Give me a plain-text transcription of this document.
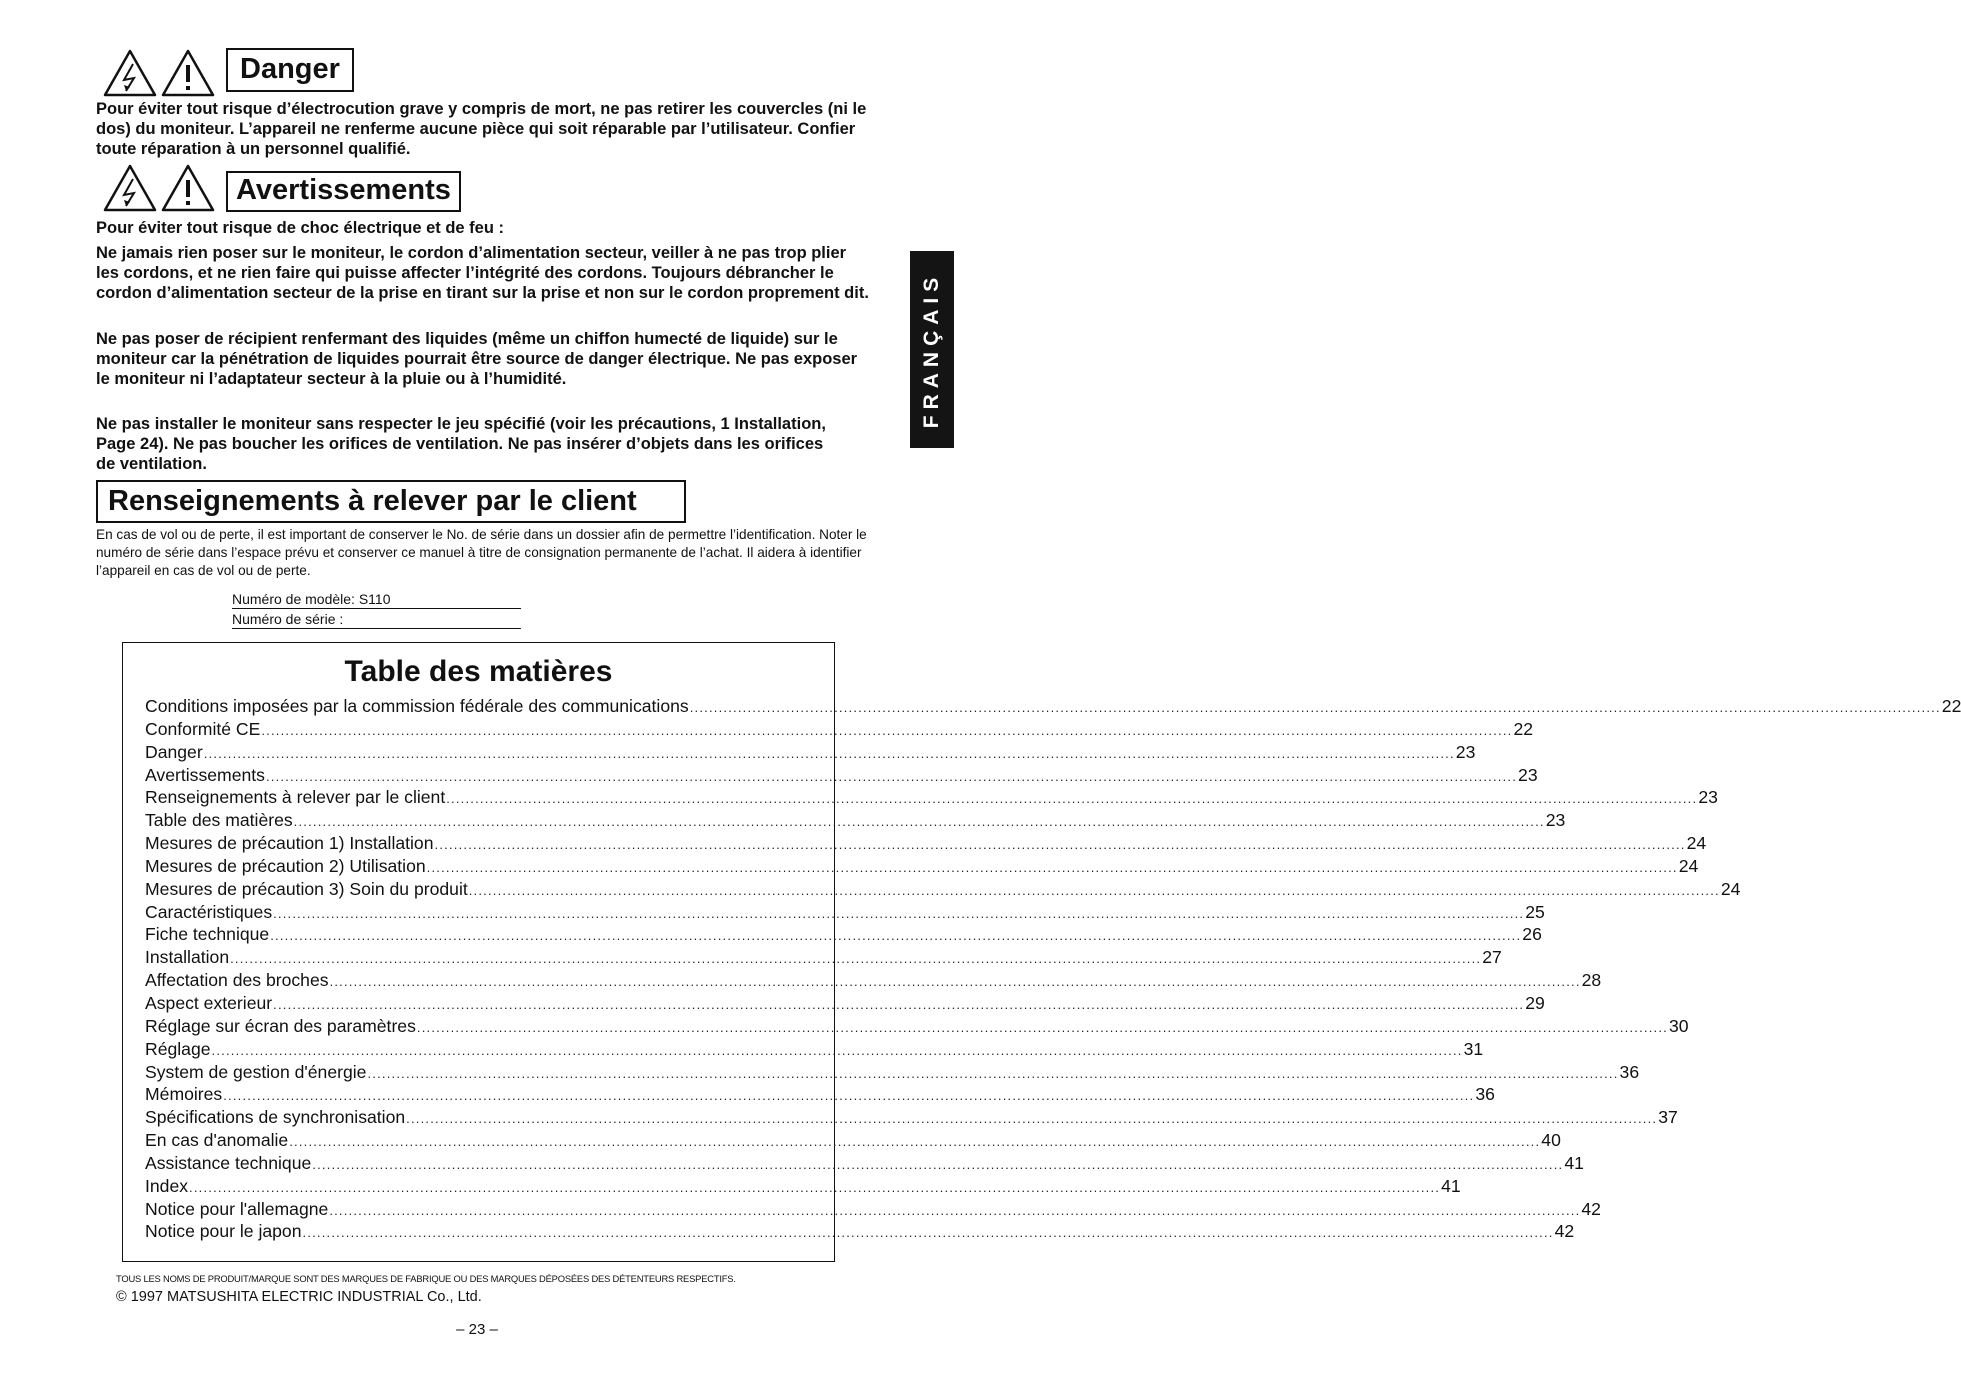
FRANÇAIS
Danger

Pour éviter tout risque d’électrocution grave y compris de mort, ne pas retirer les couvercles (ni le dos) du moniteur. L’appareil ne renferme aucune pièce qui soit réparable par l’utilisateur. Confier toute réparation à un personnel qualifié.

Avertissements

Pour éviter tout risque de choc électrique et de feu :

Ne jamais rien poser sur le moniteur, le cordon d’alimentation secteur, veiller à ne pas trop plier les cordons, et ne rien faire qui puisse affecter l’intégrité des cordons. Toujours débrancher le cordon d’alimentation secteur de la prise en tirant sur la prise et non sur le cordon proprement dit.

Ne pas poser de récipient renfermant des liquides (même un chiffon humecté de liquide) sur le moniteur car la pénétration de liquides pourrait être source de danger électrique. Ne pas exposer le moniteur ni l’adaptateur secteur à la pluie ou à l’humidité.

Ne pas installer le moniteur sans respecter le jeu spécifié (voir les précautions, 1 Installation, Page 24). Ne pas boucher les orifices de ventilation. Ne pas insérer d’objets dans les orifices de ventilation.

Renseignements à relever par le client

En cas de vol ou de perte, il est important de conserver le No. de série dans un dossier afin de permettre l’identification. Noter le numéro de série dans l’espace prévu et conserver ce manuel à titre de consignation permanente de l’achat. Il aidera à identifier l’appareil en cas de vol ou de perte.

Numéro de modèle: S110
Numéro de série :
Table des matières
Conditions imposées par la commission fédérale des communications .................................................................................................................................................................................................................................................................... 22
Conformité CE .................................................................................................................................................................................................................................................................... 22
Danger .................................................................................................................................................................................................................................................................... 23
Avertissements .................................................................................................................................................................................................................................................................... 23
Renseignements à relever par le client .................................................................................................................................................................................................................................................................... 23
Table des matières .................................................................................................................................................................................................................................................................... 23
Mesures de précaution 1) Installation .................................................................................................................................................................................................................................................................... 24
Mesures de précaution 2) Utilisation .................................................................................................................................................................................................................................................................... 24
Mesures de précaution 3) Soin du produit .................................................................................................................................................................................................................................................................... 24
Caractéristiques .................................................................................................................................................................................................................................................................... 25
Fiche technique .................................................................................................................................................................................................................................................................... 26
Installation .................................................................................................................................................................................................................................................................... 27
Affectation des broches .................................................................................................................................................................................................................................................................... 28
Aspect exterieur .................................................................................................................................................................................................................................................................... 29
Réglage sur écran des paramètres .................................................................................................................................................................................................................................................................... 30
Réglage .................................................................................................................................................................................................................................................................... 31
System de gestion d'énergie .................................................................................................................................................................................................................................................................... 36
Mémoires .................................................................................................................................................................................................................................................................... 36
Spécifications de synchronisation .................................................................................................................................................................................................................................................................... 37
En cas d'anomalie .................................................................................................................................................................................................................................................................... 40
Assistance technique .................................................................................................................................................................................................................................................................... 41
Index .................................................................................................................................................................................................................................................................... 41
Notice pour l'allemagne .................................................................................................................................................................................................................................................................... 42
Notice pour le japon .................................................................................................................................................................................................................................................................... 42
TOUS LES NOMS DE PRODUIT/MARQUE SONT DES MARQUES DE FABRIQUE OU DES MARQUES DÉPOSÉES DES DÉTENTEURS RESPECTIFS.
© 1997 MATSUSHITA ELECTRIC INDUSTRIAL Co., Ltd.
– 23 –
